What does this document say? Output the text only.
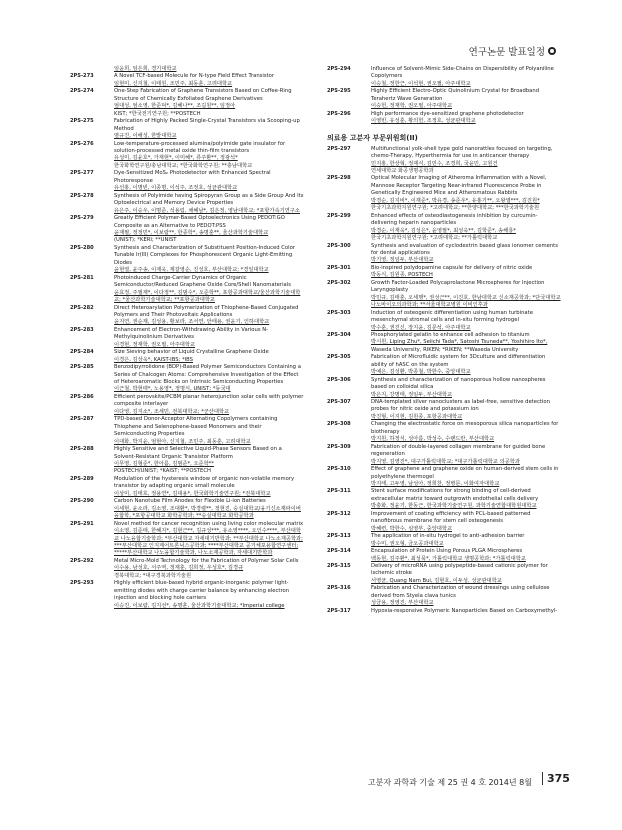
연구논문 발표일정

임윤희, 임은희, 경기대학교

2PS-273	A Novel TCF-based Molecule for N-type Field Effect Transistor
임현미, 신지철, 이태원, 조민주, 최동훈, 고려대학교

2PS-274	One-Step Fabrication of Graphene Transistors Based on Coffee-Ring Structure of Chemically Exfoliated Graphene Derivatives
엄대성, 엄소영, 한준덕*, 김혜나**, 조길원**, 임정아
KIST; *한국전기연구원; **POSTECH

2PS-275	Fabrication of Highly Packed Single-Crystal Transistors via Scooping-up Method
염규진, 이해성, 한밭대학교

2PS-276	Low-temperature-processed alumina/polyimide gate insulator for solution-processed metal oxide thin-film transistors
유성미, 김윤호*, 가재현*, 이미혜*, 류주환**, 정광석*
한국화학연구원/충남대학교; *한국화학연구원; **충남대학교

2PS-277	Dye-Sensitized MoS₂ Photodetector with Enhanced Spectral Photoresponse
유선홍, 이명빈, 이종명, 이석주, 조정호, 성균관대학교

2PS-278	Synthesis of Polyimide having Spiropyran Group as a Side Group And Its Optoelectrical and Memory Device Properties
유은주, 이승우, 이명준, 석용림, 채혜남*, 김은정, 영남대학교; *포항가속기연구소

2PS-279	Greatly Efficient Polymer-Based Optoelectronics Using PEDOT:GO Composite as an Alternative to PEDOT:PSS
윤재필, 정정민*, 이보람**, 한종학*, 송명훈**, 울산과학기술대학교
(UNIST); *KERI; **UNIST

2PS-280	Synthesis and Characterization of Substituent Position-Induced Color Tunable Ir(III) Complexes for Phosphorescent Organic Light-Emitting Diodes
윤현열, 윤주송, 이재욱, 제갈영순, 진성호, 부산대학교; *경일대학교

2PS-281	Photoinduced Charge-Carrier Dynamics of Organic Semiconductor/Reduced Graphene Oxide Core/Shell Nanomaterials
윤효정, 주필재*, 이다정**, 김범수*, 오준학**, 포항공과대학교/울산과학기술대학교; *울산과학기술대학교; **포항공과대학교

2PS-282	Direct Heteroarylation Polymerization of Thiophene-Based Conjugated Polymers and Their Photovoltaic Applications
윤지연, 권순재, 김성용, 황보라, 조서연, 안태용, 권윤기, 인하대학교

2PS-283	Enhancement of Electron-Withdrawing Ability in Various N-Methylquinolinium Derivatives
이경현, 정재학, 권오필, 아주대학교

2PS-284	Size Sieving behavior of Liquid Crystalline Graphene Oxide
이경은, 김상욱*, KAIST-IBS; *IBS

2PS-285	Benzodipyrrolidone (BDP)-Based Polymer Semiconductors Containing a Series of Chalcogen Atoms: Comprehensive Investigation of the Effect of Heteroaromatic Blocks on Intrinsic Semiconducting Properties
이근철, 박현태*, 노용영*, 정명식, UNIST; *동국대

2PS-286	Efficient perovskite/PCBM planar heterojunction solar cells with polymer composite interlayer
이다영, 김지소*, 조세민, 전북대학교; *군산대학교

2PS-287	TPD-based Donor-Acceptor Alternating Copolymers containing Thiophene and Selenophene-based Monomers and their Semiconducting Properties
이대화, 박지윤, 엄현아, 신지철, 조민주, 최동훈, 고려대학교

2PS-288	Highly Sensitive and Selective Liquid-Phase Sensors Based on a Solvent-Resistant Organic Transistor Platform
이무영, 김형준*, 한아름, 김범준*, 오준학**
POSTECH/UNIST; *KAIST; **POSTECH

2PS-289	Modulation of the hysteresis window of organic non-volatile memory transistor by adapting organic small molecule
이상미, 김태호, 정용연*, 김대용*, 한국화학기술연구원; *전북대학교

2PS-290	Carbon Nanotube Film Anodes for Flexible Li-ion Batteries
이세현, 윤소라, 김소영, 조대환*, 박경렬**, 정현진, 숭실대학교/융기신소재파이버융합학, *포항공대학교 화학공학과; **숭실대학교 화학공학과

2PS-291	Novel method for cancer recognition using living color molecular matrix
이소영, 김준태, 한혜지*, 김현근**, 김규성***, 유소영****, 오인수****, 부산대학교 나노융합기술학과; *부산대학교 자세대기반학과; **부산대학교 나노소재공학과; ***부산대학교 인지제어트론닉스공학과; ****부산대학교 공기체포용합연구센터; *****부산대학교 나노융합기술학과, 나노소재공학과, 자세대기반학과

2PS-292	Metal Micro-Mold Technology for the Fabrication of Polymer Solar Cells
이수용, 남성호, 서주역, 정재훈, 김희정, 우성호*, 김경규
경북대학교; *대구경북과학기술원

2PS-293	Highly efficient blue-based hybrid organic-inorganic polymer light-emitting diodes with charge carrier balance by enhancing electron injection and blocking hole carriers
이승진, 이보람, 김지선*, 송명훈, 울산과학기술대학교; *Imperial college

2PS-294	Influence of Solvent-Mimic Side-Chains on Dispersibility of Polyaniline Copolymers
이승철, 정한근, 이석현, 권오필, 아주대학교

2PS-295	Highly Efficient Electro-Optic Quinolinium Crystal for Broadband Terahertz Wave Generation
이승헌, 정재학, 권오필, 아주대학교

2PS-296	High performance dye-sensitized graphene photodetector
이영빈, 유성훈, 황의헌, 조정호, 성균관대학교

의료용 고분자 부문위원회(II)

2PS-297	Multifunctional yolk-shell type gold nanorattles focused on targeting, chemo-Therapy, Hyperthermia for use in anticancer therapy
민지홍, 한상혁, 정재식, 김민수, 조경희, 국윤민, 고원건
연세대학교 화공생명공학과

2PS-298	Optical Molecular Imaging of Atheroma Inflammation with a Novel, Mannose Receptor Targeting Near-infrared Fluorescence Probe in Genetically Engineered Mice and Atheromatous Rabbits
박경순, 김지비*, 이재준*, 박유경, 송준우*, 유홍기**, 오왕열***, 김진원*
한국기초과학지원연구원; *고려대학교; **한양대학교; ***한국과학기술원

2PS-299	Enhanced effects of osteodiastogenesis inhibition by curcumin-delivering heparin nanoparticles
박경순, 이재욱*, 김성은*, 윤영필*, 최성욱**, 김학준*, 송해룡*
한국기초과학지원연구원; *고려대학교; **가톨릭대학교

2PS-300	Synthesis and evaluation of cyclodextrin based glass ionomer cements for dental applications
박기영, 정임두, 부산대학교

2PS-301	Bio-inspired polydopamine capsule for delivery of nitric oxide
박동식, 김원종, POSTECH

2PS-302	Growth Factor-Loaded Polycaprolactone Microspheres for Injection Laryngoplasty
박민규, 김태훈, 오세행*, 권성근**, 이진호, 한남대학교 신소재공학과; *단국대학교 나노바이오의과학과; **서울대학교병원 이비인후과

2PS-303	Induction of osteogenic differentiation using human turbinate mesenchymal stromal cells and in-situ forming hydrogel
박수훈, 권진신, 장지윤, 김문석, 아주대학교

2PS-304	Phosphorylated gelatin to enhance cell adhesion to titanium
박시원, Liping Zhu*, Seiichi Tada*, Satoshi Tsuneda**, Yoshihiro Ito*,
Waseda University, RIKEN; *RIKEN; **Waseda University

2PS-305	Fabrication of Microfluidic system for 3Dculture and differentiation ability of hASC on the system
박예은, 김성환, 박종철, 박한수, 중앙대학교

2PS-306	Synthesis and characterization of nanoporous hollow nanospheres based on colloidal silica
박은지, 강명태, 정임두, 부산대학교

2PS-307	DNA-templated silver nanoclusters as label-free, sensitive detection probes for nitric oxide and potassium ion
박진형, 이지현, 김원종, 포항공과대학교

2PS-308	Changing the electrostatic force on mesoporous silica nanoparticles for biotherapy
박지원, 하정식, 성아름, 박성수, 수랜드란, 부산대학교

2PS-309	Fabrication of double-layered collagen membrane for guided bone regeneration
박지영, 김영진*, 대구가톨릭대학교; *대구가톨릭대학교 의공학과

2PS-310	Effect of graphene and graphene oxide on human-derived stem cells in polyethylene thermogel
박지태, 고두영, 남성아, 정희찬, 정병문, 이화여자대학교

2PS-311	Stent surface modifications for strong binding of cell-derived extracellular matrix toward outgrowth endothelial cells delivery
박충화, 정윤기, 한동근, 한국과학기술연구원, 과학기술연합대학원대학교

2PS-312	Improvement of coating efficiency with PCL-based patterned nanofibrous membrane for stem cell osteogenesis
박혜련, 박한수, 심영부, 중앙대학교

2PS-313	The application of in-situ hydrogel to anti-adhesion barrier
방수미, 권오형, 금오공과대학교

2PS-314	Encapsulation of Protein Using Porous PLGA Microspheres
백동현, 김주환*, 최성묵*, 가톨릭대학교 생명공학과; *가톨릭대학교

2PS-315	Delivery of microRNA using polypeptide-based cationic polymer for ischemic stroke
서영균, Quang Nam Bui, 김현호, 이두성, 성균관대학교

2PS-316	Fabrication and Characterization of wound dressings using cellulose derived from Styela clava tunics
성금용, 정영진, 부산대학교

2PS-317	Hypoxia-responsive Polymeric Nanoparticles Based on Carboxymethyl-

고분자 과학과 기술 제 25 권 4 호 2014년 8월	375
